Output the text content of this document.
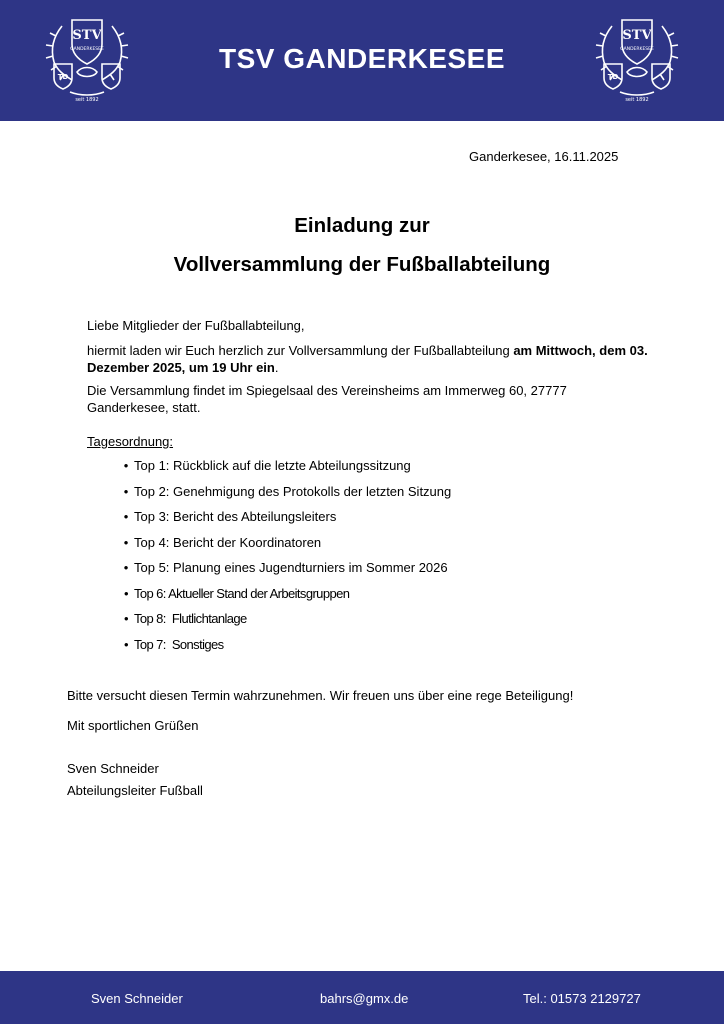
STV
GANDERKESEE
TD
seit 1892
TSV GANDERKESEE
STV
GANDERKESEE
TD
seit 1892
Ganderkesee, 16.11.2025
Einladung zur
Vollversammlung der Fußballabteilung
Liebe Mitglieder der Fußballabteilung,
hiermit laden wir Euch herzlich zur Vollversammlung der Fußballabteilung am Mittwoch, dem 03. Dezember 2025, um 19 Uhr ein.
Die Versammlung findet im Spiegelsaal des Vereinsheims am Immerweg 60, 27777 Ganderkesee, statt.
Tagesordnung:
• Top 1: Rückblick auf die letzte Abteilungssitzung
• Top 2: Genehmigung des Protokolls der letzten Sitzung
• Top 3: Bericht des Abteilungsleiters
• Top 4: Bericht der Koordinatoren
• Top 5: Planung eines Jugendturniers im Sommer 2026
• Top 6: Aktueller Stand der Arbeitsgruppen
• Top 8:  Flutlichtanlage
• Top 7:  Sonstiges
Bitte versucht diesen Termin wahrzunehmen. Wir freuen uns über eine rege Beteiligung!
Mit sportlichen Grüßen
Sven Schneider
Abteilungsleiter Fußball
Sven Schneider	bahrs@gmx.de	Tel.: 01573 2129727
